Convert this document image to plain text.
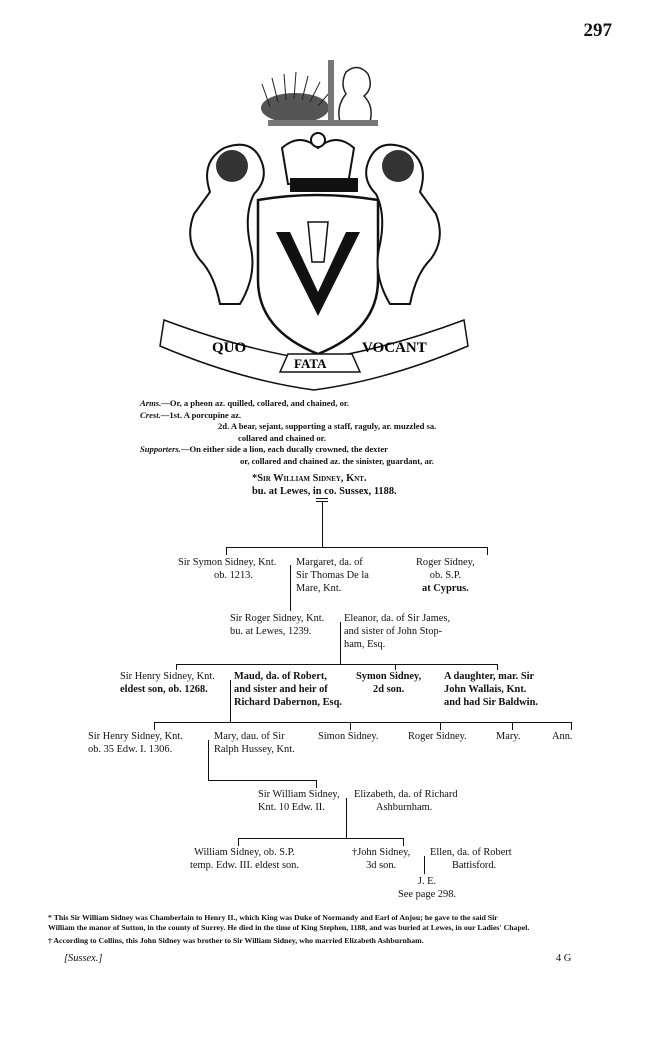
297
QUO	VOCANT
FATA
Arms.—Or, a pheon az. quilled, collared, and chained, or.
Crest.—1st. A porcupine az.
2d. A bear, sejant, supporting a staff, raguly, ar. muzzled sa.
collared and chained or.
Supporters.—On either side a lion, each ducally crowned, the dexter
or, collared and chained az. the sinister, guardant, ar.
*Sir William Sidney, Knt.
bu. at Lewes, in co. Sussex, 1188.
Sir Symon Sidney, Knt.
ob. 1213.
Margaret, da. of
Sir Thomas De la
Mare, Knt.
Roger Sidney,
ob. S.P.
at Cyprus.
Sir Roger Sidney, Knt.
bu. at Lewes, 1239.
Eleanor, da. of Sir James,
and sister of John Stop-
ham, Esq.
Sir Henry Sidney, Knt.
eldest son, ob. 1268.
Maud, da. of Robert,
and sister and heir of
Richard Dabernon, Esq.
Symon Sidney,
2d son.
A daughter, mar. Sir
John Wallais, Knt.
and had Sir Baldwin.
Sir Henry Sidney, Knt.
ob. 35 Edw. I. 1306.
Mary, dau. of Sir
Ralph Hussey, Knt.
Simon Sidney.	Roger Sidney.	Mary.	Ann.
Sir William Sidney,
Knt. 10 Edw. II.
Elizabeth, da. of Richard
Ashburnham.
William Sidney, ob. S.P.
temp. Edw. III. eldest son.
†John Sidney,
3d son.
Ellen, da. of Robert
Battisford.
J. E.
See page 298.
* This Sir William Sidney was Chamberlain to Henry II., which King was Duke of Normandy and Earl of Anjou; he gave to the said Sir
William the manor of Sutton, in the county of Surrey. He died in the time of King Stephen, 1188, and was buried at Lewes, in our Ladies' Chapel.
† According to Collins, this John Sidney was brother to Sir William Sidney, who married Elizabeth Ashburnham.
[Sussex.]	4 G
